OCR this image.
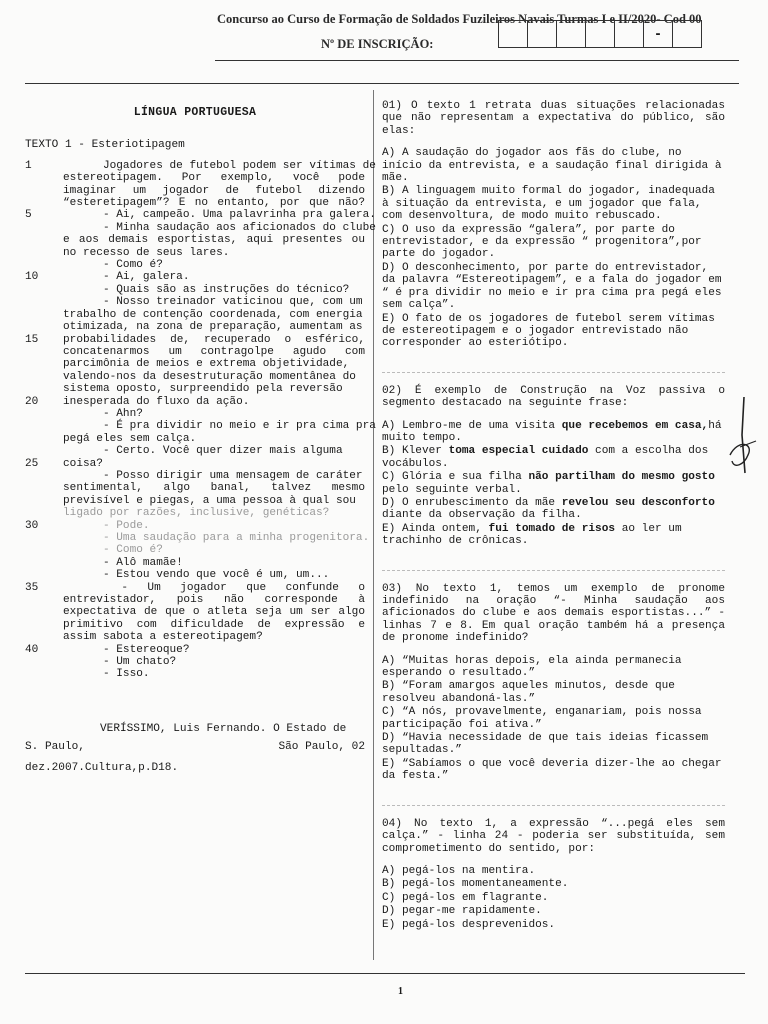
Concurso ao Curso de Formação de Soldados Fuzileiros Navais Turmas I e II/2020- Cod 00
Nº DE INSCRIÇÃO:
-
LÍNGUA PORTUGUESA
TEXTO 1 - Esteriotipagem
1	Jogadores de futebol podem ser vítimas de
estereotipagem.  Por  exemplo,  você  pode
imaginar  um  jogador  de  futebol  dizendo
“esteretipagem”? E no entanto, por que não?
5	- Ai, campeão. Uma palavrinha pra galera.
- Minha saudação aos aficionados do clube
e aos demais esportistas, aqui presentes ou
no recesso de seus lares.
- Como é?
10	- Ai, galera.
- Quais são as instruções do técnico?
- Nosso treinador vaticinou que, com um
trabalho de contenção coordenada, com energia
otimizada, na zona de preparação, aumentam as
15	probabilidades  de,  recuperado  o  esférico,
concatenarmos  um  contragolpe  agudo  com
parcimônia de meios e extrema objetividade,
valendo-nos da desestruturação momentânea do
sistema oposto, surpreendido pela reversão
20	inesperada do fluxo da ação.
- Ahn?
- É pra dividir no meio e ir pra cima pra
pegá eles sem calça.
- Certo. Você quer dizer mais alguma
25	coisa?
- Posso dirigir uma mensagem de caráter
sentimental,  algo  banal,  talvez  mesmo
previsível e piegas, a uma pessoa à qual sou
ligado por razões, inclusive, genéticas?
30	- Pode.
- Uma saudação para a minha progenitora.
- Como é?
- Alô mamãe!
- Estou vendo que você é um, um...
35	-  Um  jogador  que  confunde  o
entrevistador,  pois  não  corresponde  à
expectativa de que o atleta seja um ser algo
primitivo com dificuldade de expressão e
assim sabota a estereotipagem?
40	- Estereoque?
- Um chato?
- Isso.
VERÍSSIMO, Luis Fernando. O Estado de
S. Paulo,	São Paulo, 02
dez.2007.Cultura,p.D18.
01) O texto 1 retrata duas situações relacionadas que não representam a expectativa do público, são elas:
A) A saudação do jogador aos fãs do clube, no início da entrevista, e a saudação final dirigida à mãe.
B) A linguagem muito formal do jogador, inadequada à situação da entrevista, e um jogador que fala, com desenvoltura, de modo muito rebuscado.
C) O uso da expressão “galera”, por parte do entrevistador, e da expressão “ progenitora”,por parte do jogador.
D) O desconhecimento, por parte do entrevistador, da palavra “Estereotipagem”, e a fala do jogador em “ é pra dividir no meio e ir pra cima pra pegá eles sem calça”.
E) O fato de os jogadores de futebol serem vítimas de estereotipagem e o jogador entrevistado não corresponder ao esteriótipo.
02) É exemplo de Construção na Voz passiva o segmento destacado na seguinte frase:
A) Lembro-me de uma visita que recebemos em casa,há muito tempo.
B) Klever toma especial cuidado com a escolha dos vocábulos.
C) Glória e sua filha não partilham do mesmo gosto pelo seguinte verbal.
D) O enrubescimento da mãe revelou seu desconforto diante da observação da filha.
E) Ainda ontem, fui tomado de risos ao ler um trachinho de crônicas.
03) No texto 1, temos um exemplo de pronome indefinido na oração “- Minha saudação aos aficionados do clube e aos demais esportistas...” - linhas 7 e 8. Em qual oração também há a presença de pronome indefinido?
A) “Muitas horas depois, ela ainda permanecia esperando o resultado.”
B) “Foram amargos aqueles minutos, desde que resolveu abandoná-las.”
C) “A nós, provavelmente, enganariam, pois nossa participação foi ativa.”
D) “Havia necessidade de que tais ideias ficassem sepultadas.”
E) “Sabíamos o que você deveria dizer-lhe ao chegar da festa.”
04) No texto 1, a expressão “...pegá eles sem calça.” - linha 24 - poderia ser substituída, sem comprometimento do sentido, por:
A) pegá-los na mentira.
B) pegá-los momentaneamente.
C) pegá-los em flagrante.
D) pegar-me rapidamente.
E) pegá-los desprevenidos.
1
